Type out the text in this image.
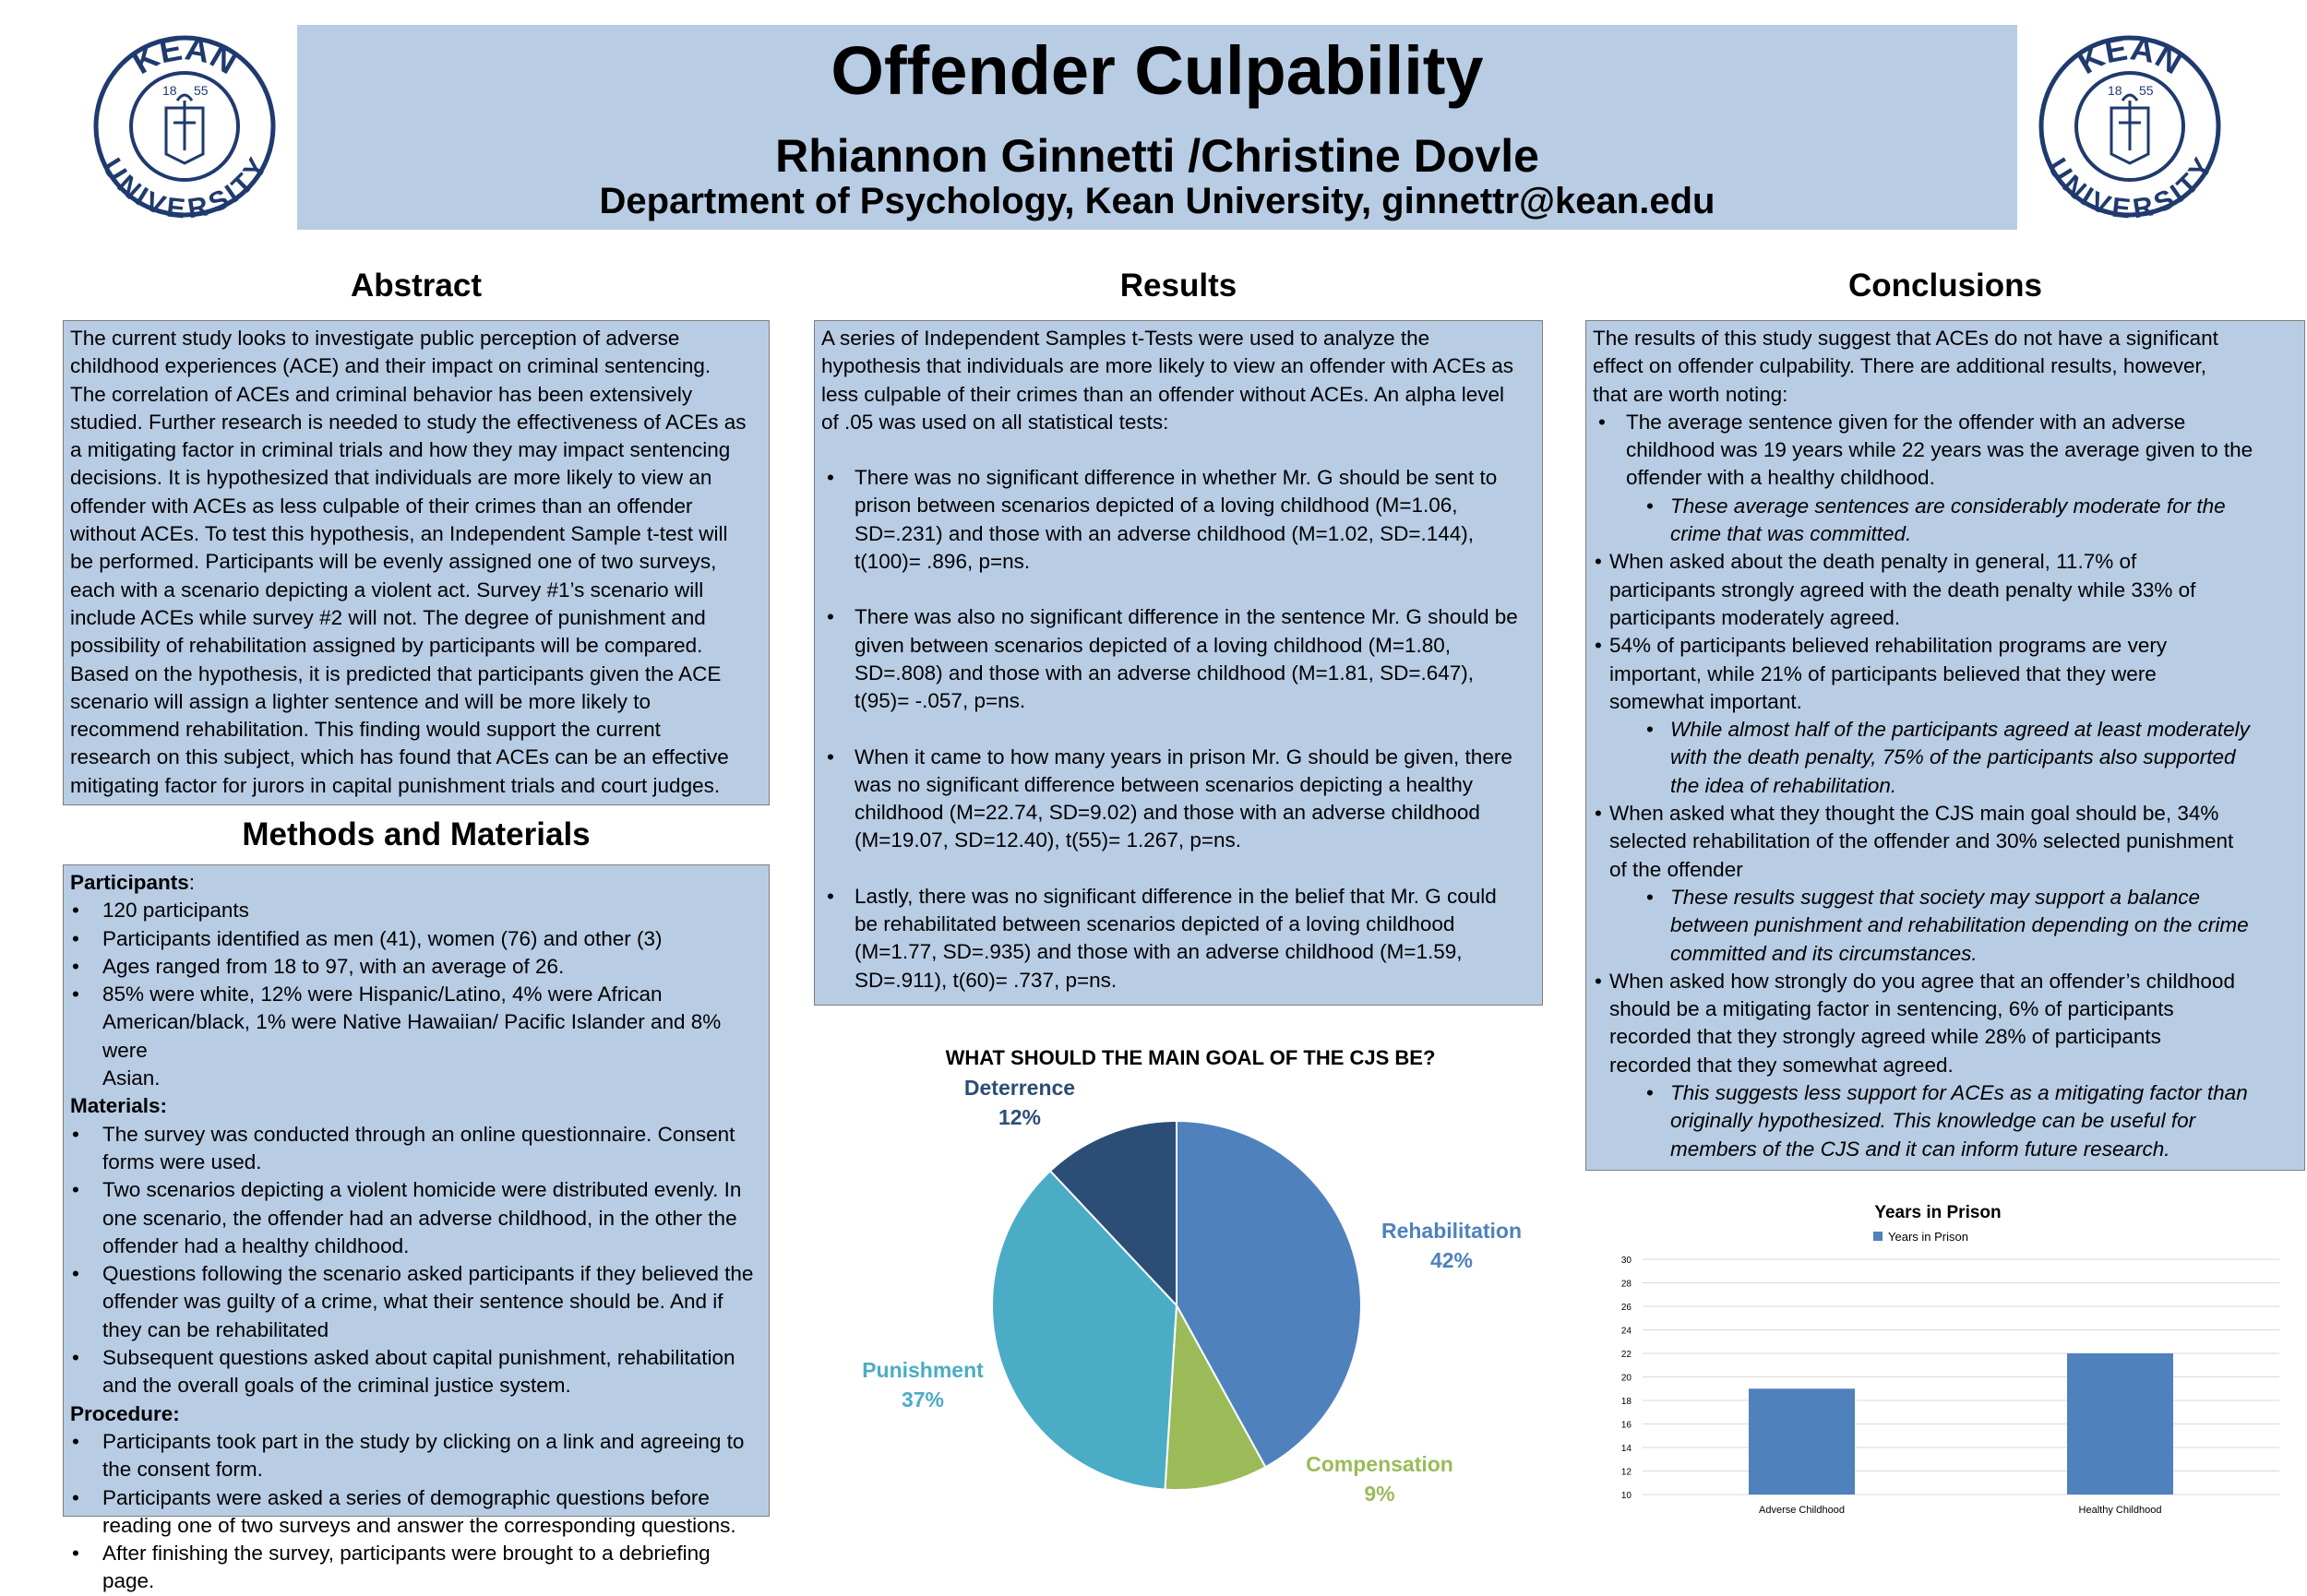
Offender Culpability
Rhiannon Ginnetti /Christine Dovle
Department of Psychology, Kean University, ginnettr@kean.edu
KEAN
UNIVERSITY
18 55
KEAN
UNIVERSITY
18 55
Abstract
The current study looks to investigate public perception of adverse
childhood experiences (ACE) and their impact on criminal sentencing.
The correlation of ACEs and criminal behavior has been extensively
studied. Further research is needed to study the effectiveness of ACEs as
a mitigating factor in criminal trials and how they may impact sentencing
decisions. It is hypothesized that individuals are more likely to view an
offender with ACEs as less culpable of their crimes than an offender
without ACEs. To test this hypothesis, an Independent Sample t-test will
be performed. Participants will be evenly assigned one of two surveys,
each with a scenario depicting a violent act. Survey #1’s scenario will
include ACEs while survey #2 will not. The degree of punishment and
possibility of rehabilitation assigned by participants will be compared.
Based on the hypothesis, it is predicted that participants given the ACE
scenario will assign a lighter sentence and will be more likely to
recommend rehabilitation. This finding would support the current
research on this subject, which has found that ACEs can be an effective
mitigating factor for jurors in capital punishment trials and court judges.
Methods and Materials

Participants:

• 120 participants
• Participants identified as men (41), women (76) and other (3)
• Ages ranged from 18 to 97, with an average of 26.
• 85% were white, 12% were Hispanic/Latino, 4% were African
American/black, 1% were Native Hawaiian/ Pacific Islander and 8% were
Asian.

Materials:

• The survey was conducted through an online questionnaire. Consent
forms were used.
• Two scenarios depicting a violent homicide were distributed evenly. In
one scenario, the offender had an adverse childhood, in the other the
offender had a healthy childhood.
• Questions following the scenario asked participants if they believed the
offender was guilty of a crime, what their sentence should be. And if
they can be rehabilitated
• Subsequent questions asked about capital punishment, rehabilitation
and the overall goals of the criminal justice system.

Procedure:

• Participants took part in the study by clicking on a link and agreeing to
the consent form.
• Participants were asked a series of demographic questions before
reading one of two surveys and answer the corresponding questions.
• After finishing the survey, participants were brought to a debriefing page.
Results
A series of Independent Samples t-Tests were used to analyze the
hypothesis that individuals are more likely to view an offender with ACEs as
less culpable of their crimes than an offender without ACEs. An alpha level
of .05 was used on all statistical tests:
• There was no significant difference in whether Mr. G should be sent to
prison between scenarios depicted of a loving childhood (M=1.06,
SD=.231) and those with an adverse childhood (M=1.02, SD=.144),
t(100)= .896, p=ns.
• There was also no significant difference in the sentence Mr. G should be
given between scenarios depicted of a loving childhood (M=1.80,
SD=.808) and those with an adverse childhood (M=1.81, SD=.647),
t(95)= -.057, p=ns.
• When it came to how many years in prison Mr. G should be given, there
was no significant difference between scenarios depicting a healthy
childhood (M=22.74, SD=9.02) and those with an adverse childhood
(M=19.07, SD=12.40), t(55)= 1.267, p=ns.
• Lastly, there was no significant difference in the belief that Mr. G could
be rehabilitated between scenarios depicted of a loving childhood
(M=1.77, SD=.935) and those with an adverse childhood (M=1.59,
SD=.911), t(60)= .737, p=ns.
WHAT SHOULD THE MAIN GOAL OF THE CJS BE?
Deterrence
12%
Rehabilitation
42%
Punishment
37%
Compensation
9%
Conclusions
The results of this study suggest that ACEs do not have a significant
effect on offender culpability. There are additional results, however,
that are worth noting:
• The average sentence given for the offender with an adverse
childhood was 19 years while 22 years was the average given to the
offender with a healthy childhood.
• These average sentences are considerably moderate for the
crime that was committed.
• When asked about the death penalty in general, 11.7% of
participants strongly agreed with the death penalty while 33% of
participants moderately agreed.
• 54% of participants believed rehabilitation programs are very
important, while 21% of participants believed that they were
somewhat important.
• While almost half of the participants agreed at least moderately
with the death penalty, 75% of the participants also supported
the idea of rehabilitation.
• When asked what they thought the CJS main goal should be, 34%
selected rehabilitation of the offender and 30% selected punishment
of the offender
• These results suggest that society may support a balance
between punishment and rehabilitation depending on the crime
committed and its circumstances.
• When asked how strongly do you agree that an offender’s childhood
should be a mitigating factor in sentencing, 6% of participants
recorded that they strongly agreed while 28% of participants
recorded that they somewhat agreed.
• This suggests less support for ACEs as a mitigating factor than
originally hypothesized. This knowledge can be useful for
members of the CJS and it can inform future research.
Years in Prison
Years in Prison
10
12
14
16
18
20
22
24
26
28
30
Adverse Childhood	Healthy Childhood
